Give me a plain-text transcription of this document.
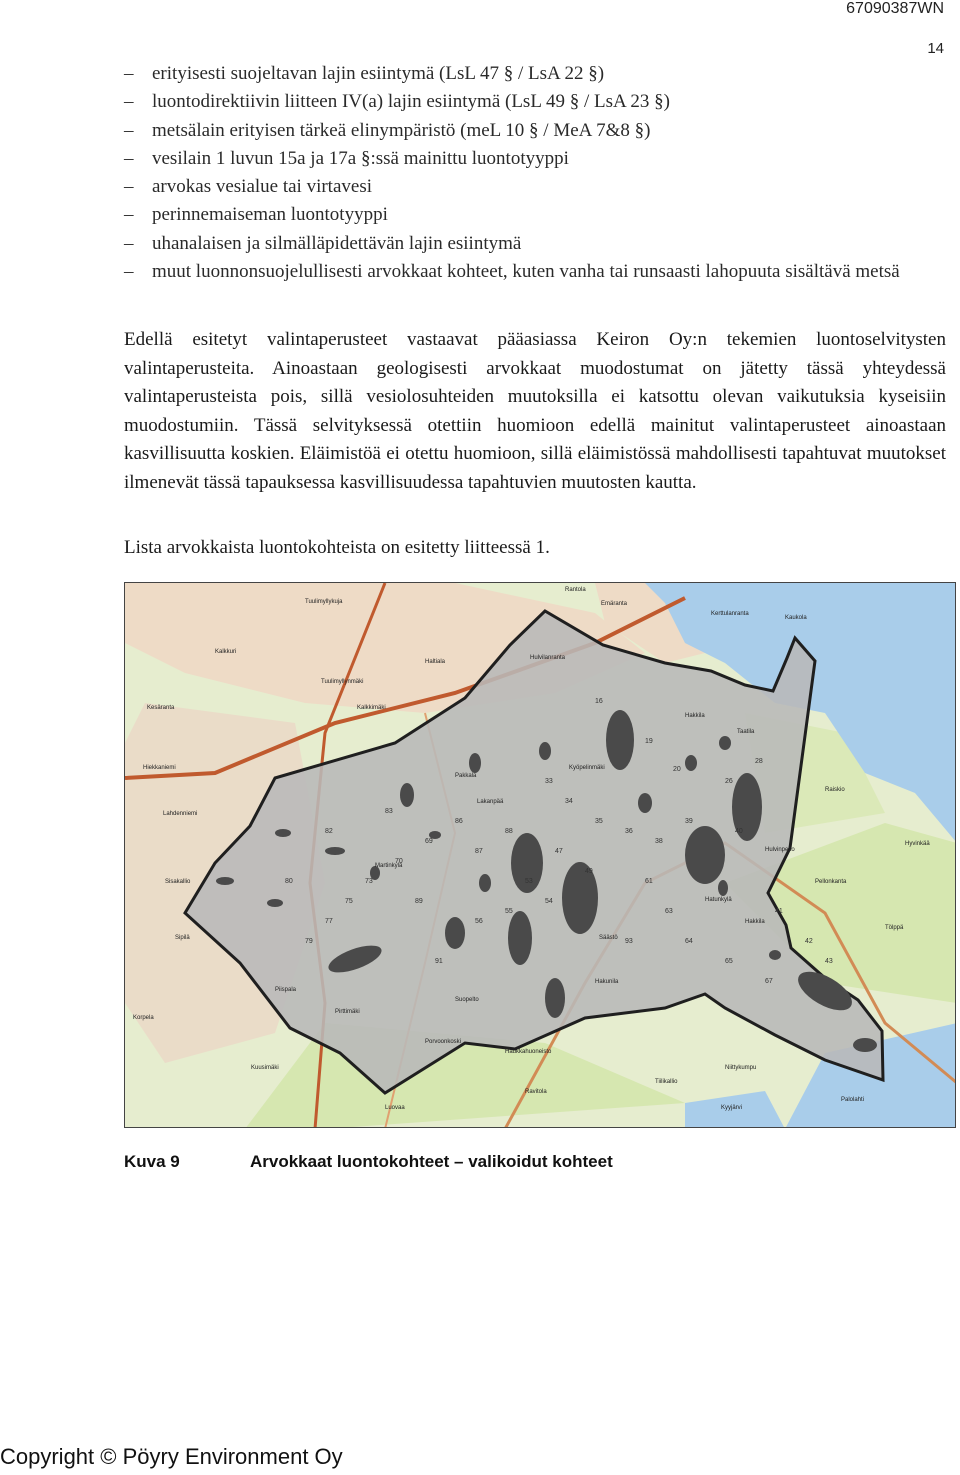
67090387WN
14
– erityisesti suojeltavan lajin esiintymä (LsL 47 § / LsA 22 §)
– luontodirektiivin liitteen IV(a) lajin esiintymä (LsL 49 § / LsA 23 §)
– metsälain erityisen tärkeä elinympäristö (meL 10 § / MeA 7&8 §)
– vesilain 1 luvun 15a ja 17a §:ssä mainittu luontotyyppi
– arvokas vesialue tai virtavesi
– perinnemaiseman luontotyyppi
– uhanalaisen ja silmälläpidettävän lajin esiintymä
– muut luonnonsuojelullisesti arvokkaat kohteet, kuten vanha tai runsaasti lahopuuta sisältävä metsä

Edellä esitetyt valintaperusteet vastaavat pääasiassa Keiron Oy:n tekemien luontoselvitysten valintaperusteita. Ainoastaan geologisesti arvokkaat muodostumat on jätetty tässä yhteydessä valintaperusteista pois, sillä vesiolosuhteiden muutoksilla ei katsottu olevan vaikutuksia kyseisiin muodostumiin. Tässä selvityksessä otettiin huomioon edellä mainitut valintaperusteet ainoastaan kasvillisuutta koskien. Eläimistöä ei otettu huomioon, sillä eläimistössä mahdollisesti tapahtuvat muutokset ilmenevät tässä tapauksessa kasvillisuudessa tapahtuvien muutosten kautta.

Lista arvokkaista luontokohteista on esitetty liitteessä 1.

Tuulimyllykuja
Rantola
Emäranta
Kalkkimäki
Hulvilanranta
Tuulimyllynmäki
Kerttulanranta
Hakkila
Pakkala
Hakunila
Taatila
Kesäranta
Hiekkaniemi
Lahdenniemi
Sisakallio
Sipilä
Piispala
Lakanpää
Kyöpelinmäki
Pirttimäki
Martinkylä
Hatunkylä
Säästö
Korpela
Hulvinpelto
Porvoonkoski
Niittykumpu
Haukkahuoneisto
Raiskio
Kuusimäki
Pellonkanta
Hakkila
Palolahti
Suopelto
Kyyjärvi
Kaukola
Kalkkuri
Haltiala
Tölppä
Hyvinkää
Luovaa
Ravitola
Tiilikallio
16
19
20
26
28
33
34
35
36
38
39
40
41
42
43
47
49
53
54
55
56
61
63
64
65
67
69
70
73
75
77
79
80
82
83
86
87
88
89
91
93
Kuva 9	Arvokkaat luontokohteet – valikoidut kohteet
Copyright © Pöyry Environment Oy
